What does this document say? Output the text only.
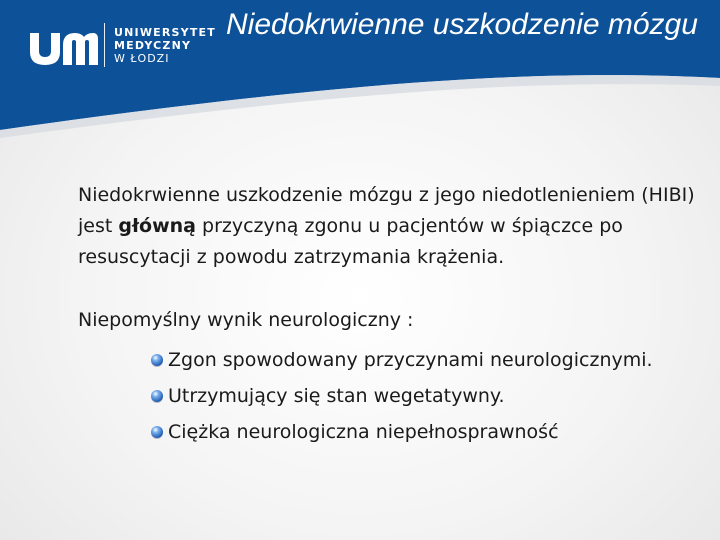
UNIWERSYTET
MEDYCZNY
W ŁODZI
Niedokrwienne uszkodzenie mózgu

Niedokrwienne uszkodzenie mózgu z jego niedotlenieniem (HIBI) jest główną przyczyną zgonu u pacjentów w śpiączce po resuscytacji z powodu zatrzymania krążenia.

Niepomyślny wynik neurologiczny :

Zgon spowodowany przyczynami neurologicznymi.
Utrzymujący się stan wegetatywny.
Ciężka neurologiczna niepełnosprawność
